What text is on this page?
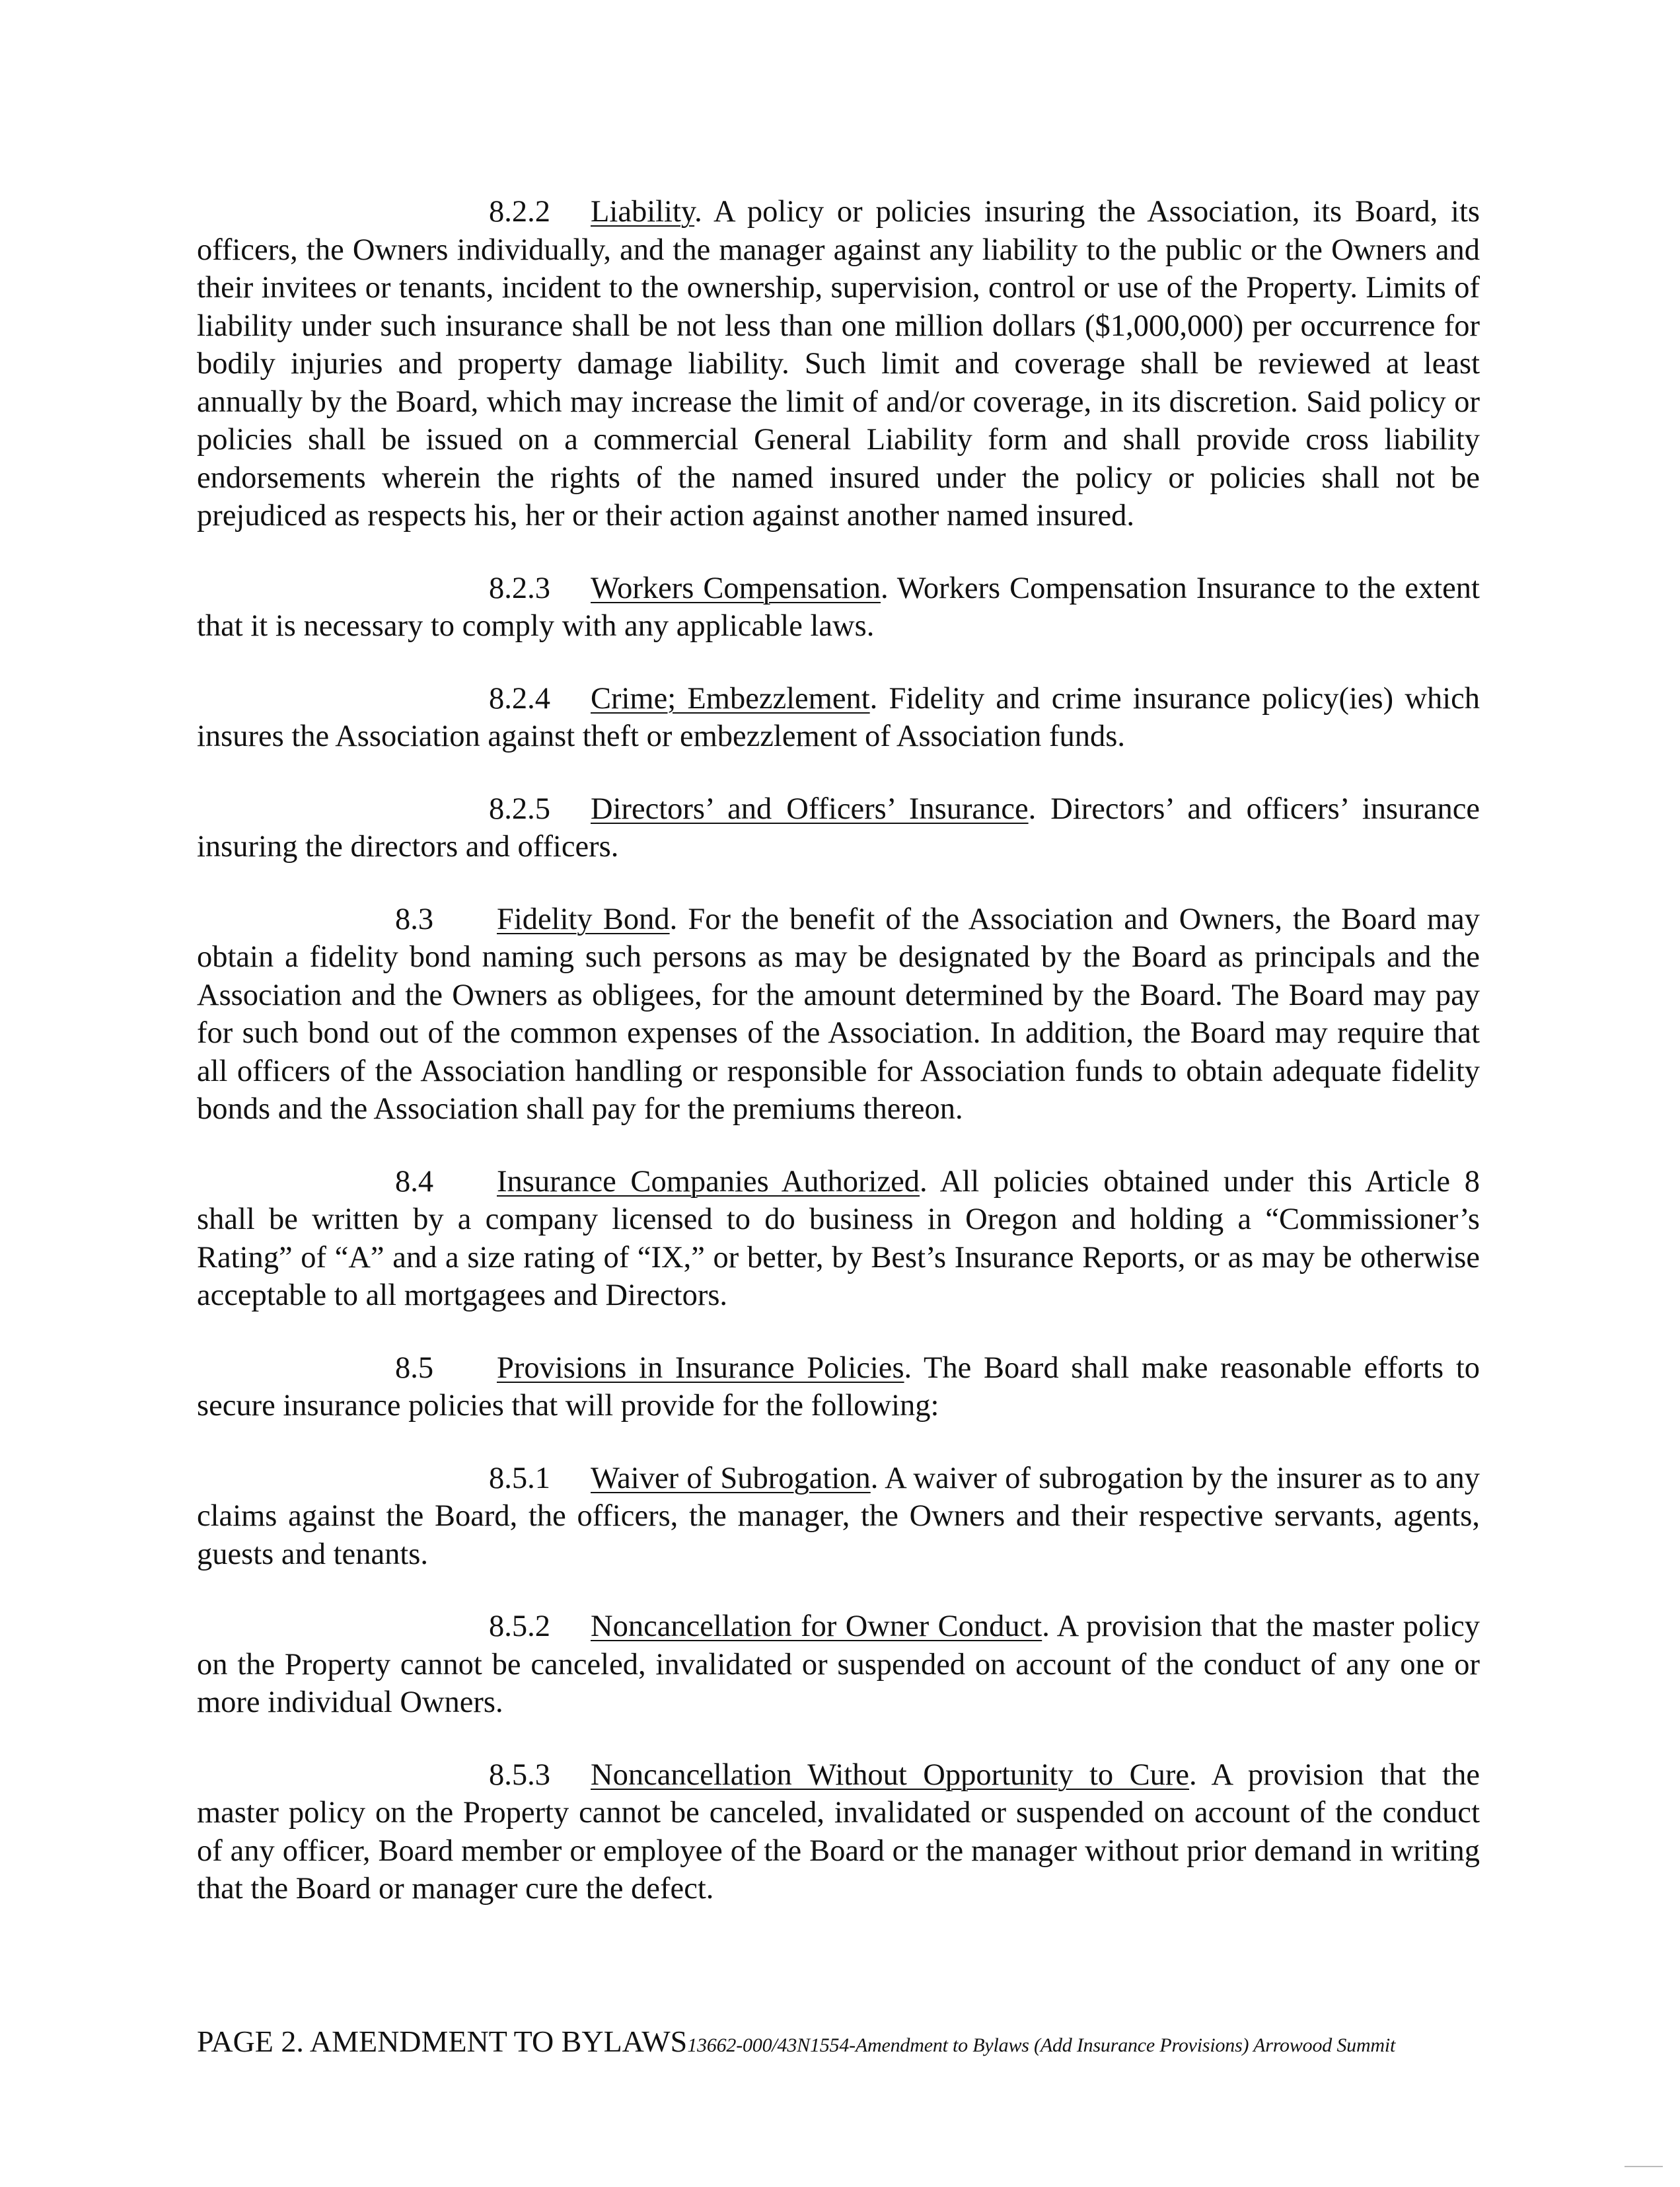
8.2.2 Liability. A policy or policies insuring the Association, its Board, its officers, the Owners individually, and the manager against any liability to the public or the Owners and their invitees or tenants, incident to the ownership, supervision, control or use of the Property. Limits of liability under such insurance shall be not less than one million dollars ($1,000,000) per occurrence for bodily injuries and property damage liability. Such limit and coverage shall be reviewed at least annually by the Board, which may increase the limit of and/or coverage, in its discretion. Said policy or policies shall be issued on a commercial General Liability form and shall provide cross liability endorsements wherein the rights of the named insured under the policy or policies shall not be prejudiced as respects his, her or their action against another named insured.

8.2.3 Workers Compensation. Workers Compensation Insurance to the extent that it is necessary to comply with any applicable laws.

8.2.4 Crime; Embezzlement. Fidelity and crime insurance policy(ies) which insures the Association against theft or embezzlement of Association funds.

8.2.5 Directors’ and Officers’ Insurance. Directors’ and officers’ insurance insuring the directors and officers.

8.3 Fidelity Bond. For the benefit of the Association and Owners, the Board may obtain a fidelity bond naming such persons as may be designated by the Board as principals and the Association and the Owners as obligees, for the amount determined by the Board. The Board may pay for such bond out of the common expenses of the Association. In addition, the Board may require that all officers of the Association handling or responsible for Association funds to obtain adequate fidelity bonds and the Association shall pay for the premiums thereon.

8.4 Insurance Companies Authorized. All policies obtained under this Article 8 shall be written by a company licensed to do business in Oregon and holding a “Commissioner’s Rating” of “A” and a size rating of “IX,” or better, by Best’s Insurance Reports, or as may be otherwise acceptable to all mortgagees and Directors.

8.5 Provisions in Insurance Policies. The Board shall make reasonable efforts to secure insurance policies that will provide for the following:

8.5.1 Waiver of Subrogation. A waiver of subrogation by the insurer as to any claims against the Board, the officers, the manager, the Owners and their respective servants, agents, guests and tenants.

8.5.2 Noncancellation for Owner Conduct. A provision that the master policy on the Property cannot be canceled, invalidated or suspended on account of the conduct of any one or more individual Owners.

8.5.3 Noncancellation Without Opportunity to Cure. A provision that the master policy on the Property cannot be canceled, invalidated or suspended on account of the conduct of any officer, Board member or employee of the Board or the manager without prior demand in writing that the Board or manager cure the defect.

PAGE 2. AMENDMENT TO BYLAWS13662-000/43N1554-Amendment to Bylaws (Add Insurance Provisions) Arrowood Summit
